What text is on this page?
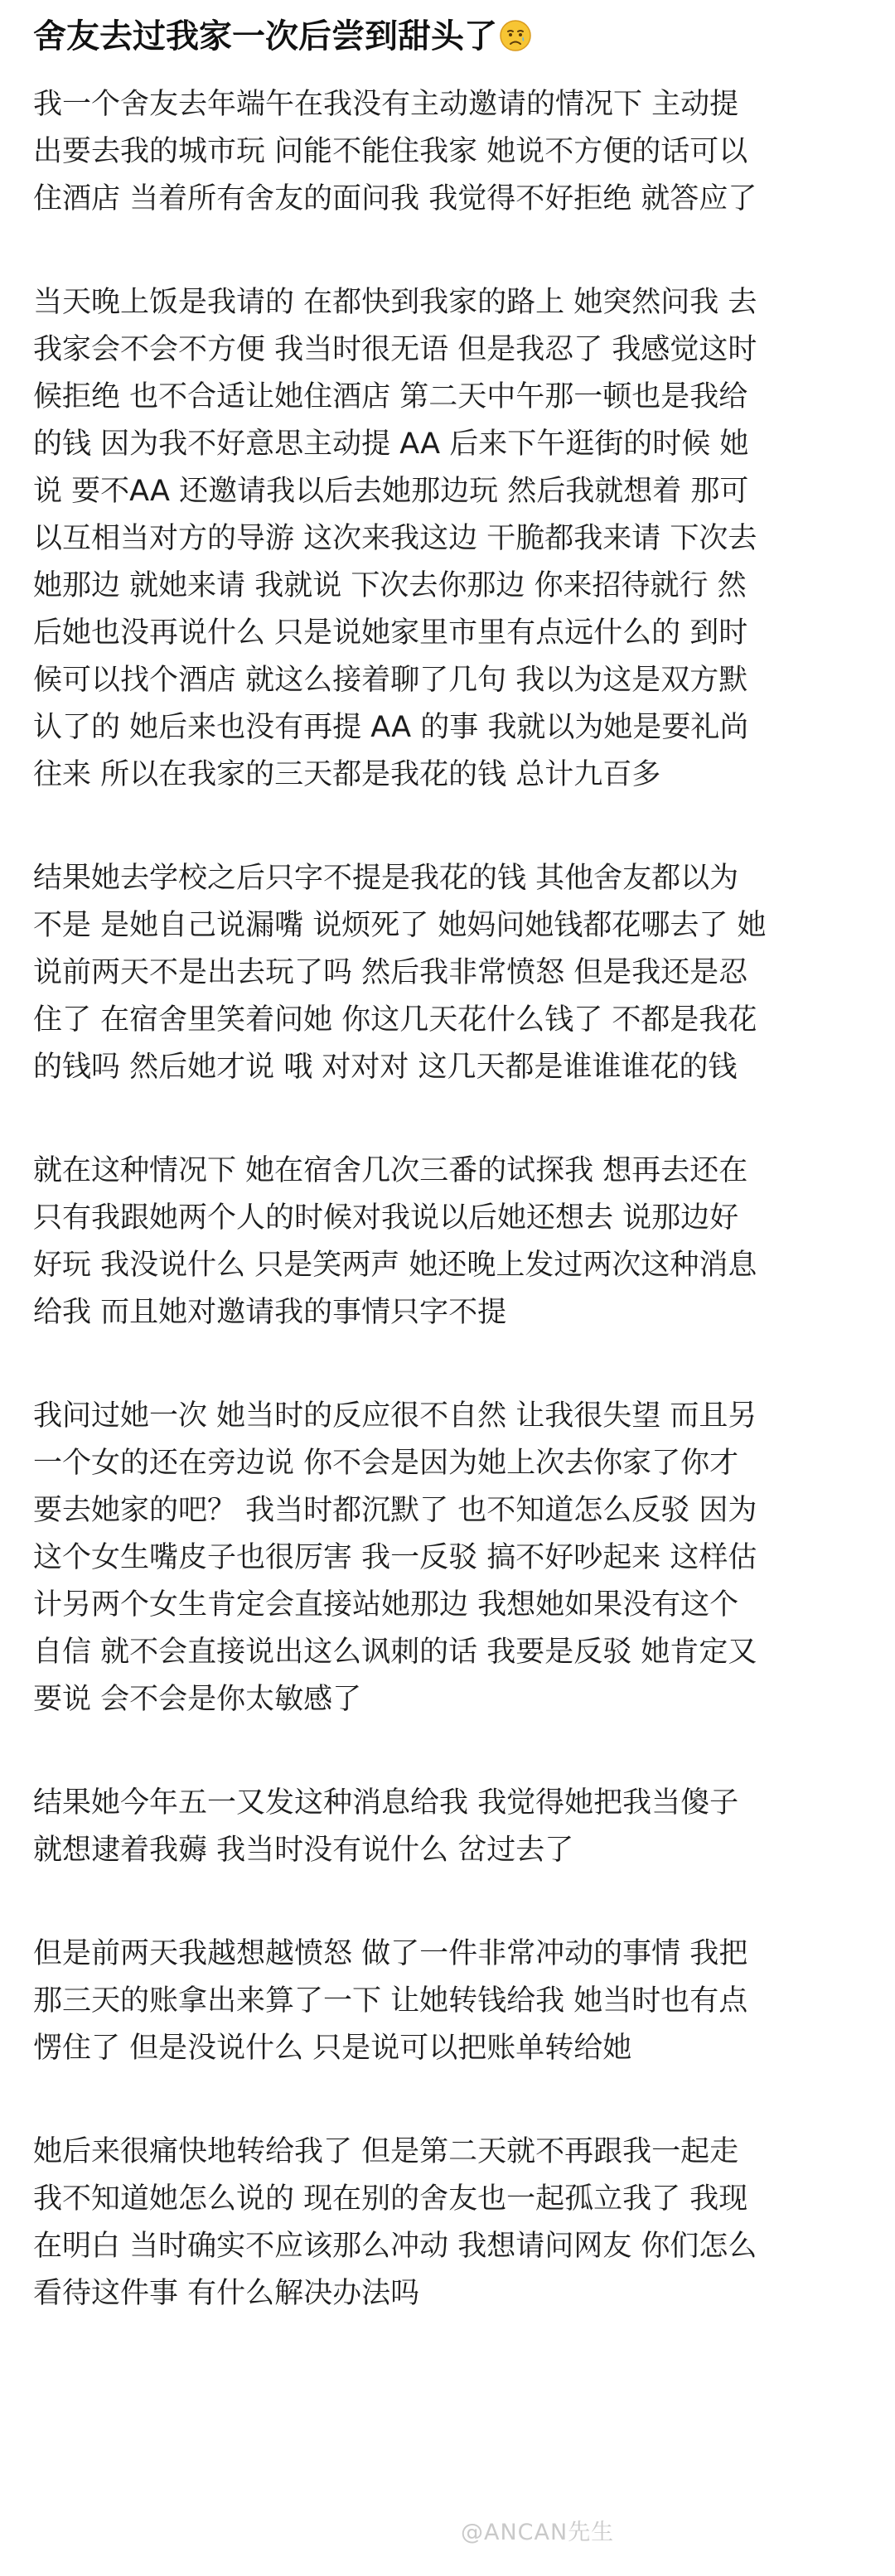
舍友去过我家一次后尝到甜头了
我一个舍友去年端午在我没有主动邀请的情况下 主动提
出要去我的城市玩 问能不能住我家 她说不方便的话可以
住酒店 当着所有舍友的面问我 我觉得不好拒绝 就答应了
当天晚上饭是我请的 在都快到我家的路上 她突然问我 去
我家会不会不方便 我当时很无语 但是我忍了 我感觉这时
候拒绝 也不合适让她住酒店 第二天中午那一顿也是我给
的钱 因为我不好意思主动提 AA 后来下午逛街的时候 她
说 要不AA 还邀请我以后去她那边玩 然后我就想着 那可
以互相当对方的导游 这次来我这边 干脆都我来请 下次去
她那边 就她来请 我就说 下次去你那边 你来招待就行 然
后她也没再说什么 只是说她家里市里有点远什么的 到时
候可以找个酒店 就这么接着聊了几句 我以为这是双方默
认了的 她后来也没有再提 AA 的事 我就以为她是要礼尚
往来 所以在我家的三天都是我花的钱 总计九百多
结果她去学校之后只字不提是我花的钱 其他舍友都以为
不是 是她自己说漏嘴 说烦死了 她妈问她钱都花哪去了 她
说前两天不是出去玩了吗 然后我非常愤怒 但是我还是忍
住了 在宿舍里笑着问她 你这几天花什么钱了 不都是我花
的钱吗 然后她才说 哦 对对对 这几天都是谁谁谁花的钱
就在这种情况下 她在宿舍几次三番的试探我 想再去还在
只有我跟她两个人的时候对我说以后她还想去 说那边好
好玩 我没说什么 只是笑两声 她还晚上发过两次这种消息
给我 而且她对邀请我的事情只字不提
我问过她一次 她当时的反应很不自然 让我很失望 而且另
一个女的还在旁边说 你不会是因为她上次去你家了你才
要去她家的吧？ 我当时都沉默了 也不知道怎么反驳 因为
这个女生嘴皮子也很厉害 我一反驳 搞不好吵起来 这样估
计另两个女生肯定会直接站她那边 我想她如果没有这个
自信 就不会直接说出这么讽刺的话 我要是反驳 她肯定又
要说 会不会是你太敏感了
结果她今年五一又发这种消息给我 我觉得她把我当傻子
就想逮着我薅 我当时没有说什么 岔过去了
但是前两天我越想越愤怒 做了一件非常冲动的事情 我把
那三天的账拿出来算了一下 让她转钱给我 她当时也有点
愣住了 但是没说什么 只是说可以把账单转给她
她后来很痛快地转给我了 但是第二天就不再跟我一起走
我不知道她怎么说的 现在别的舍友也一起孤立我了 我现
在明白 当时确实不应该那么冲动 我想请问网友 你们怎么
看待这件事 有什么解决办法吗
@ANCAN先生
